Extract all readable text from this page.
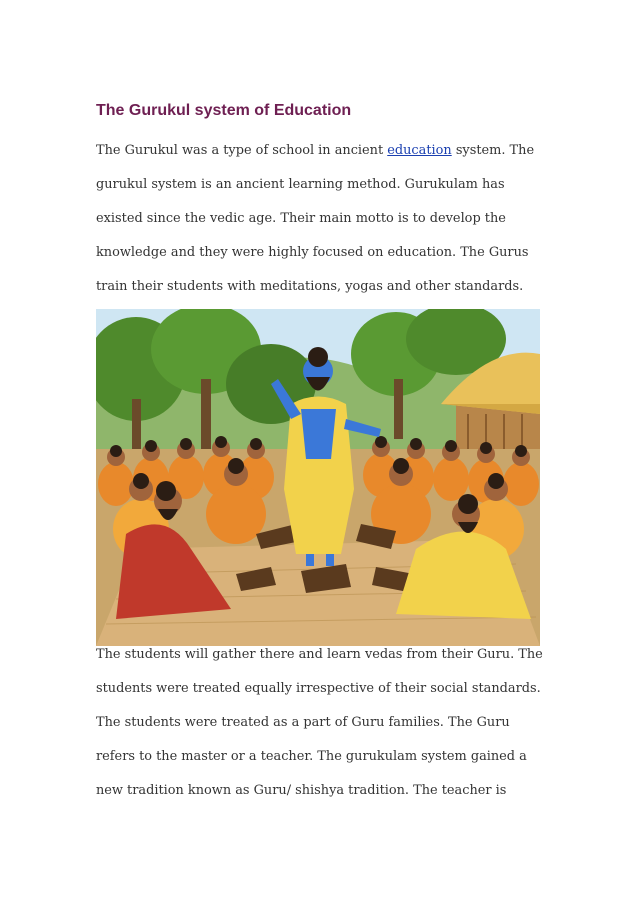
The Gurukul system of Education
The Gurukul was a type of school in ancient education system. The
gurukul system is an ancient learning method. Gurukulam has
existed since the vedic age. Their main motto is to develop the
knowledge and they were highly focused on education. The Gurus
train their students with meditations, yogas and other standards.
The students will gather there and learn vedas from their Guru. The
students were treated equally irrespective of their social standards.
The students were treated as a part of Guru families. The Guru
refers to the master or a teacher. The gurukulam system gained a
new tradition known as Guru/ shishya tradition. The teacher is
